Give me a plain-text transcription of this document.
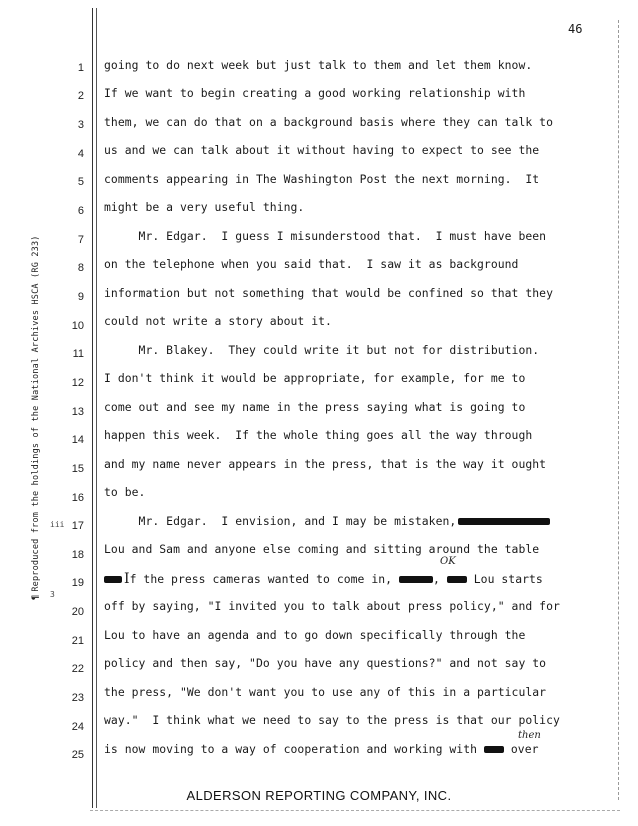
46
¶Reproduced from the holdings of the National Archives HSCA (RG 233) iii
3
1 going to do next week but just talk to them and let them know.
2 If we want to begin creating a good working relationship with
3 them, we can do that on a background basis where they can talk to
4 us and we can talk about it without having to expect to see the
5 comments appearing in The Washington Post the next morning.  It
6 might be a very useful thing.
7 Mr. Edgar.  I guess I misunderstood that.  I must have been
8 on the telephone when you said that.  I saw it as background
9 information but not something that would be confined so that they
10 could not write a story about it.
11 Mr. Blakey.  They could write it but not for distribution.
12 I don't think it would be appropriate, for example, for me to
13 come out and see my name in the press saying what is going to
14 happen this week.  If the whole thing goes all the way through
15 and my name never appears in the press, that is the way it ought
16 to be.
17 Mr. Edgar.  I envision, and I may be mistaken,
18 Lou and Sam and anyone else coming and sitting around the table
19	If the press cameras wanted to come in,	,  Lou starts
OK
20 off by saying, "I invited you to talk about press policy," and for
21 Lou to have an agenda and to go down specifically through the
22 policy and then say, "Do you have any questions?" and not say to
23 the press, "We don't want you to use any of this in a particular
24 way."  I think what we need to say to the press is that our policy
25 is now moving to a way of cooperation and working with	over
then
ALDERSON REPORTING COMPANY, INC.
